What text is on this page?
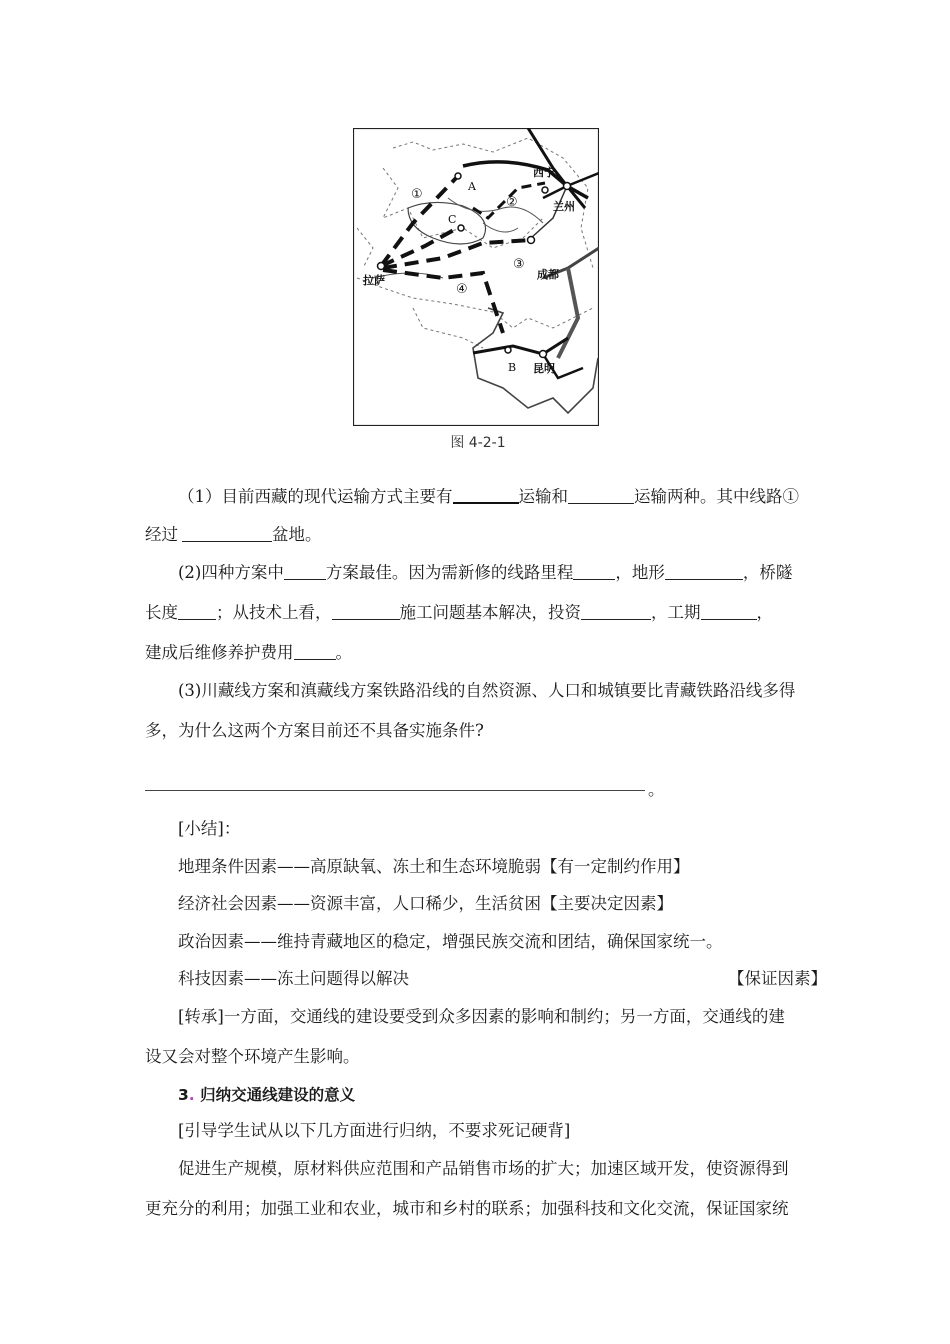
西宁
兰州
成都
拉萨
昆明
A
B
C
①
②
③
④
图 4-2-1
（1）目前西藏的现代运输方式主要有	运输和	运输两种。其中线路①
经过	盆地。
(2)四种方案中	方案最佳。因为需新修的线路里程	，地形	，桥隧
长度 ；从技术上看，	施工问题基本解决，投资	，工期	，
建成后维修养护费用	。
(3)川藏线方案和滇藏线方案铁路沿线的自然资源、人口和城镇要比青藏铁路沿线多得
多，为什么这两个方案目前还不具备实施条件?
。
[小结]：
地理条件因素——高原缺氧、冻土和生态环境脆弱【有一定制约作用】
经济社会因素——资源丰富，人口稀少，生活贫困【主要决定因素】
政治因素——维持青藏地区的稳定，增强民族交流和团结，确保国家统一。
科技因素——冻土问题得以解决	【保证因素】
[转承]一方面，交通线的建设要受到众多因素的影响和制约；另一方面，交通线的建
设又会对整个环境产生影响。
3. 归纳交通线建设的意义
[引导学生试从以下几方面进行归纳，不要求死记硬背]
促进生产规模，原材料供应范围和产品销售市场的扩大；加速区域开发，使资源得到
更充分的利用；加强工业和农业，城市和乡村的联系；加强科技和文化交流，保证国家统
